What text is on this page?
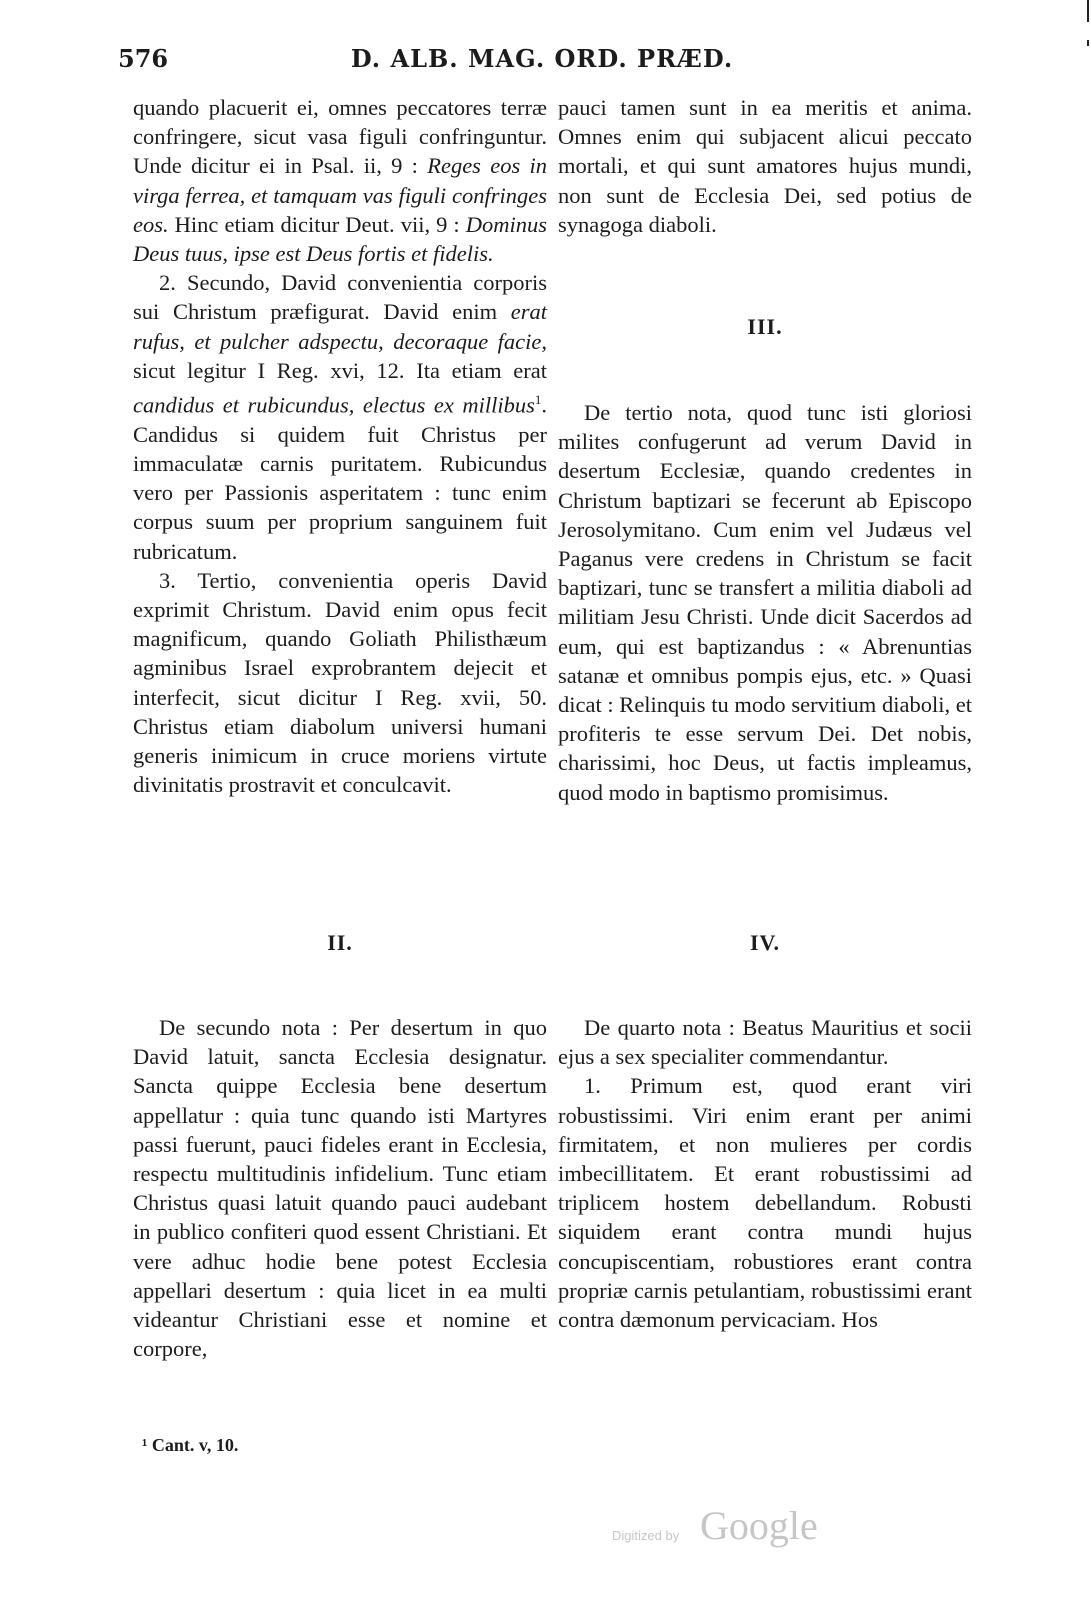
576	D. ALB. MAG. ORD. PRÆD.

quando placuerit ei, omnes peccatores terræ confringere, sicut vasa figuli confringuntur. Unde dicitur ei in Psal. ii, 9 : Reges eos in virga ferrea, et tamquam vas figuli confringes eos. Hinc etiam dicitur Deut. vii, 9 : Dominus Deus tuus, ipse est Deus fortis et fidelis.

2. Secundo, David convenientia corporis sui Christum præfigurat. David enim erat rufus, et pulcher adspectu, decoraque facie, sicut legitur I Reg. xvi, 12. Ita etiam erat candidus et rubicundus, electus ex millibus$^1$. Candidus si quidem fuit Christus per immaculatæ carnis puritatem. Rubicundus vero per Passionis asperitatem : tunc enim corpus suum per proprium sanguinem fuit rubricatum.

3. Tertio, convenientia operis David exprimit Christum. David enim opus fecit magnificum, quando Goliath Philisthæum agminibus Israel exprobrantem dejecit et interfecit, sicut dicitur I Reg. xvii, 50. Christus etiam diabolum universi humani generis inimicum in cruce moriens virtute divinitatis prostravit et conculcavit.

pauci tamen sunt in ea meritis et anima. Omnes enim qui subjacent alicui peccato mortali, et qui sunt amatores hujus mundi, non sunt de Ecclesia Dei, sed potius de synagoga diaboli.

III.

De tertio nota, quod tunc isti gloriosi milites confugerunt ad verum David in desertum Ecclesiæ, quando credentes in Christum baptizari se fecerunt ab Episcopo Jerosolymitano. Cum enim vel Judæus vel Paganus vere credens in Christum se facit baptizari, tunc se transfert a militia diaboli ad militiam Jesu Christi. Unde dicit Sacerdos ad eum, qui est baptizandus : « Abrenuntias satanæ et omnibus pompis ejus, etc. » Quasi dicat : Relinquis tu modo servitium diaboli, et profiteris te esse servum Dei. Det nobis, charissimi, hoc Deus, ut factis impleamus, quod modo in baptismo promisimus.

II.	IV.

De secundo nota : Per desertum in quo David latuit, sancta Ecclesia designatur. Sancta quippe Ecclesia bene desertum appellatur : quia tunc quando isti Martyres passi fuerunt, pauci fideles erant in Ecclesia, respectu multitudinis infidelium. Tunc etiam Christus quasi latuit quando pauci audebant in publico confiteri quod essent Christiani. Et vere adhuc hodie bene potest Ecclesia appellari desertum : quia licet in ea multi videantur Christiani esse et nomine et corpore,

De quarto nota : Beatus Mauritius et socii ejus a sex specialiter commendantur.

1. Primum est, quod erant viri robustissimi. Viri enim erant per animi firmitatem, et non mulieres per cordis imbecillitatem. Et erant robustissimi ad triplicem hostem debellandum. Robusti siquidem erant contra mundi hujus concupiscentiam, robustiores erant contra propriæ carnis petulantiam, robustissimi erant contra dæmonum pervicaciam. Hos

¹ Cant. v, 10.
Digitized by Google
